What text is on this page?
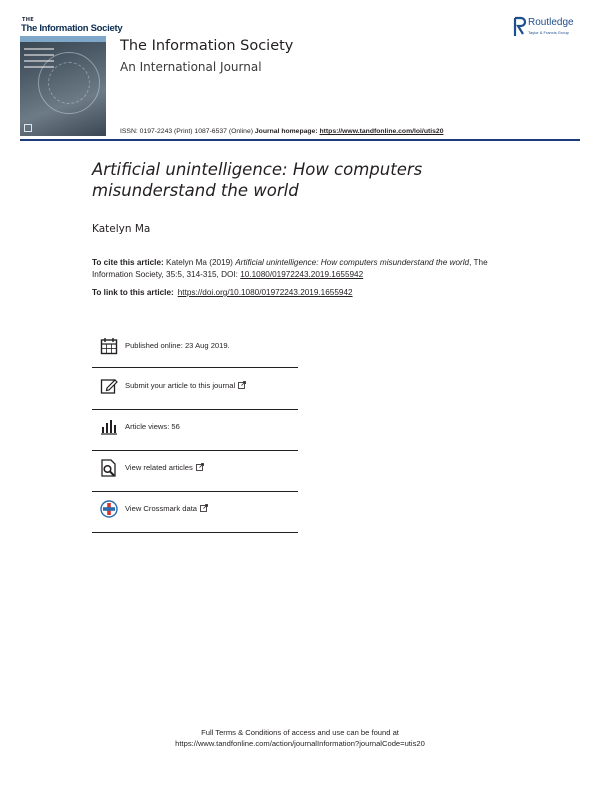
THE
The Information Society
The Information Society
An International Journal
Routledge
Taylor & Francis Group
ISSN: 0197-2243 (Print) 1087-6537 (Online) Journal homepage: https://www.tandfonline.com/loi/utis20
Artificial unintelligence: How computers
misunderstand the world
Katelyn Ma
To cite this article: Katelyn Ma (2019) Artificial unintelligence: How computers misunderstand the world, The Information Society, 35:5, 314-315, DOI: 10.1080/01972243.2019.1655942
To link to this article: https://doi.org/10.1080/01972243.2019.1655942
Published online: 23 Aug 2019.
Submit your article to this journal
Article views: 56
View related articles
View Crossmark data
Full Terms & Conditions of access and use can be found at
https://www.tandfonline.com/action/journalInformation?journalCode=utis20
